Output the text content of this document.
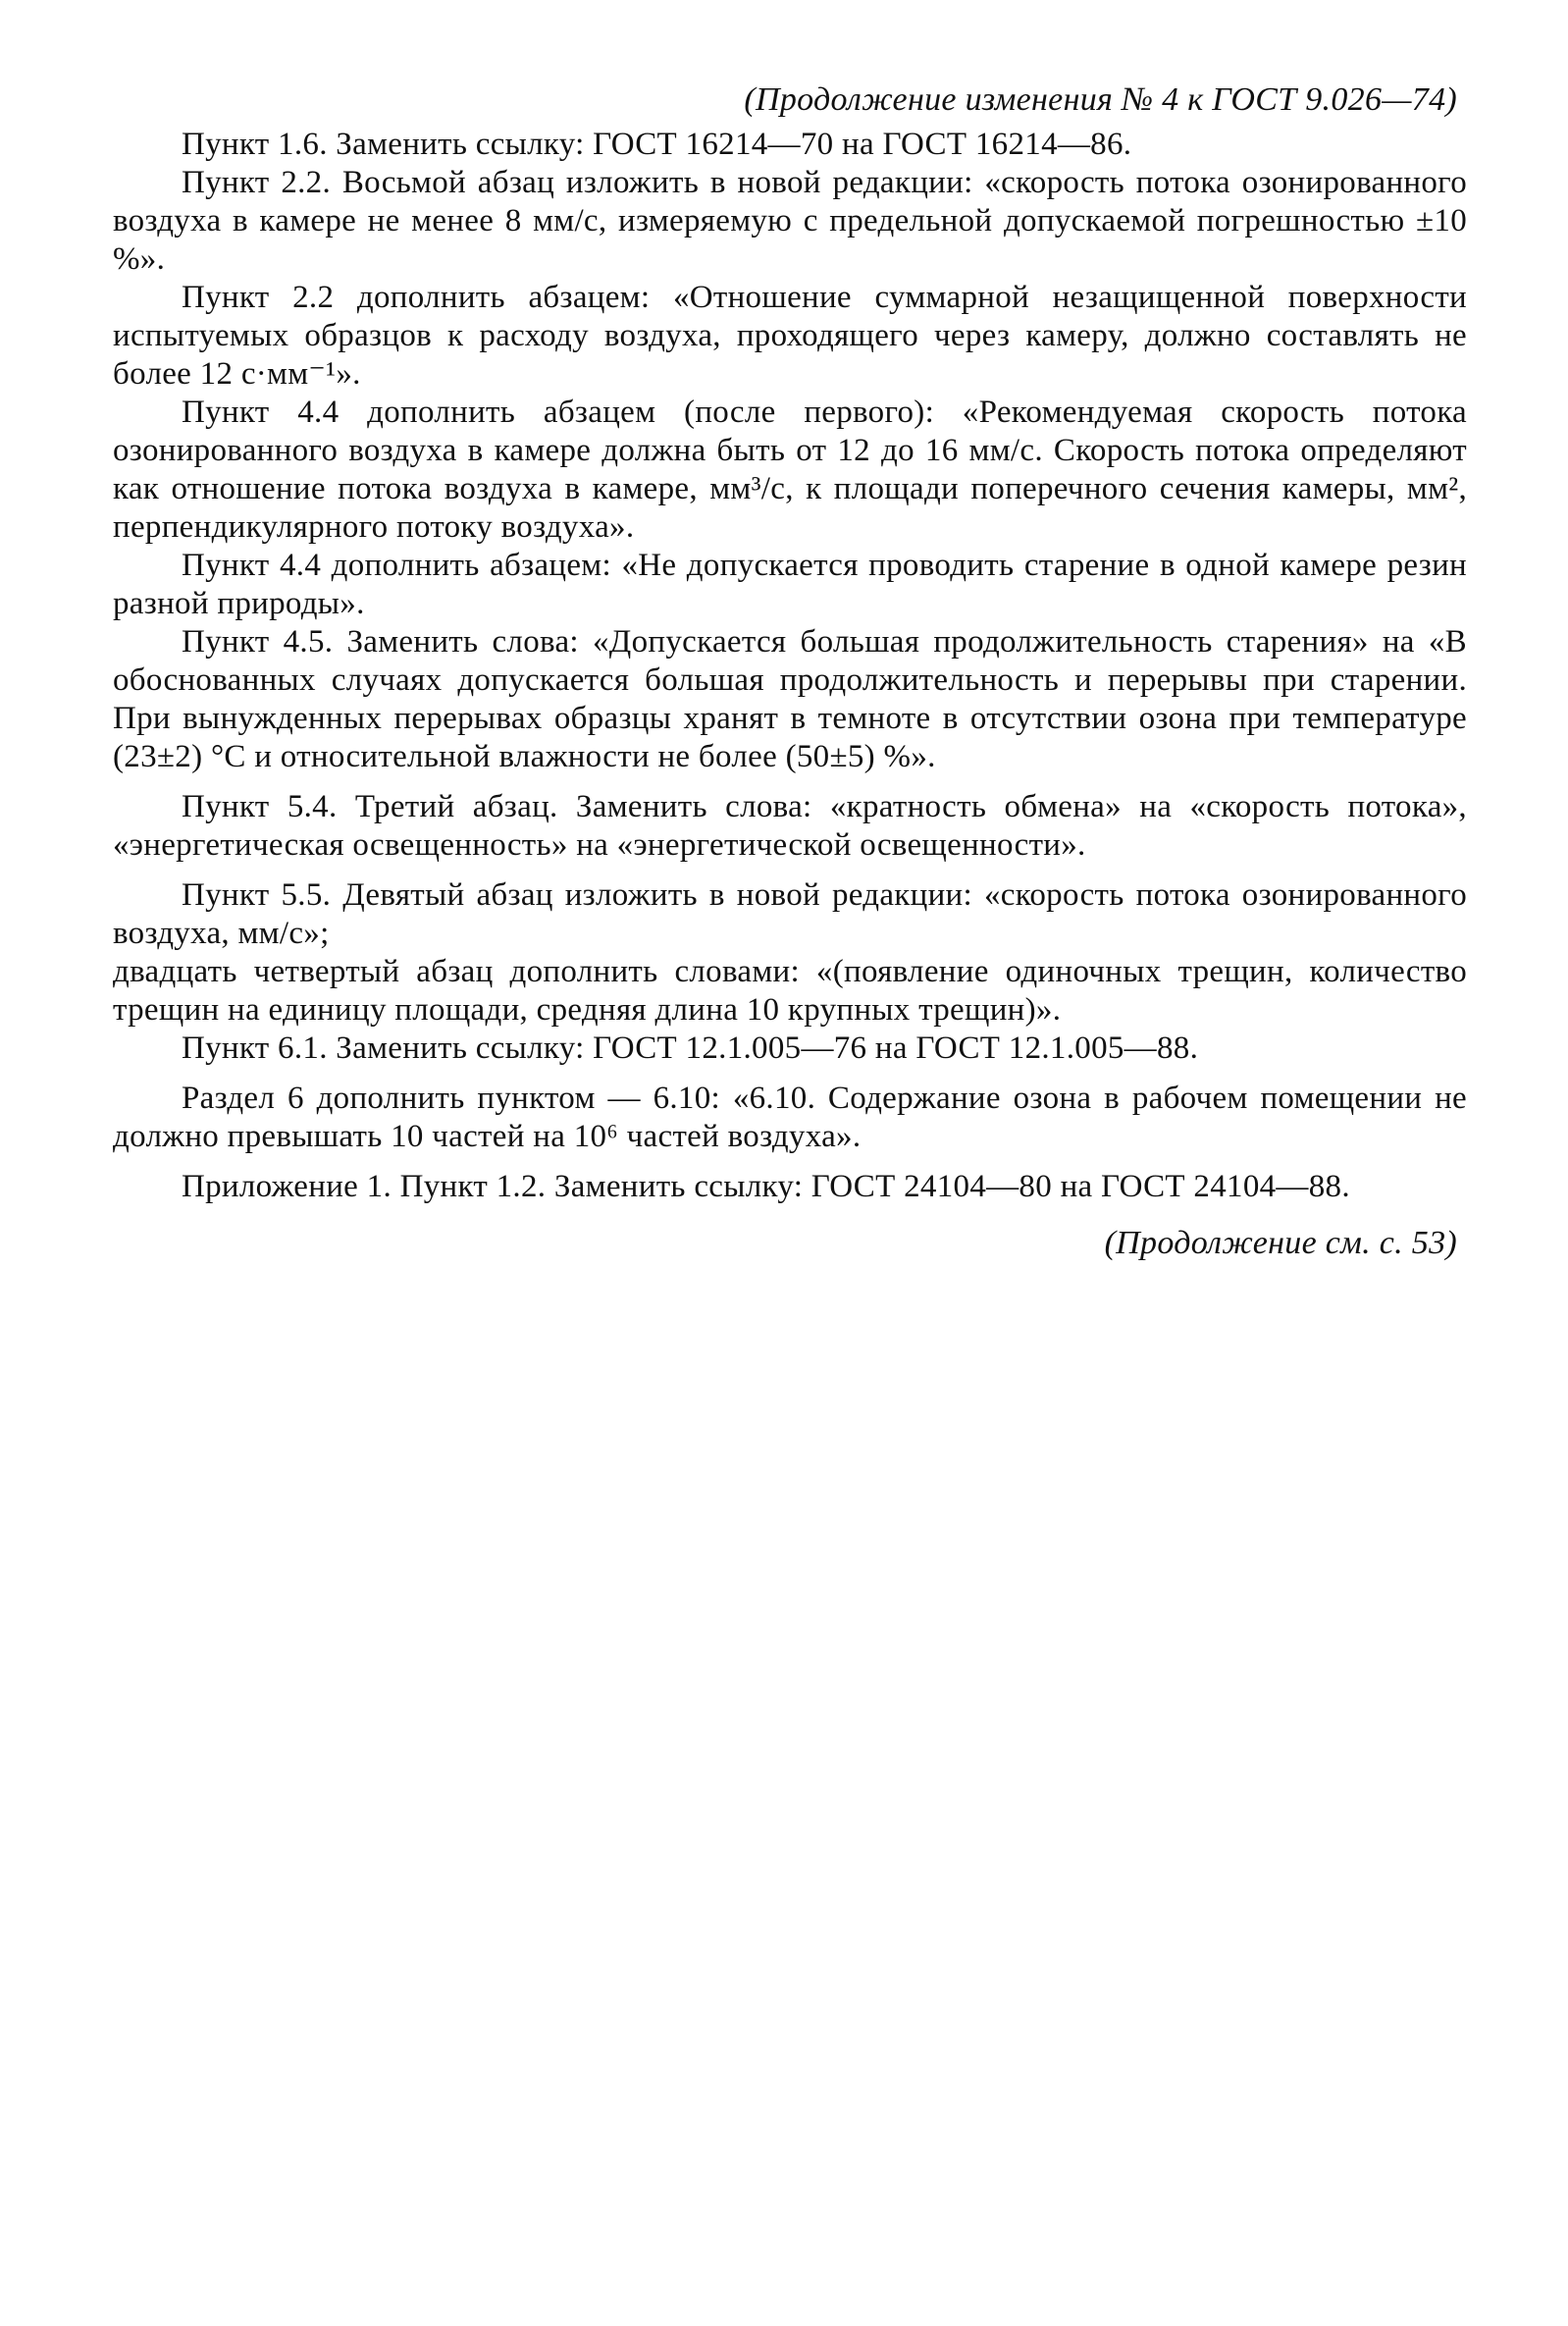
(Продолжение изменения № 4 к ГОСТ 9.026—74)

Пункт 1.6. Заменить ссылку: ГОСТ 16214—70 на ГОСТ 16214—86.

Пункт 2.2. Восьмой абзац изложить в новой редакции: «скорость потока озонированного воздуха в камере не менее 8 мм/с, измеряемую с предельной допускаемой погрешностью ±10 %».

Пункт 2.2 дополнить абзацем: «Отношение суммарной незащищенной поверхности испытуемых образцов к расходу воздуха, проходящего через камеру, должно составлять не более 12 с·мм⁻¹».

Пункт 4.4 дополнить абзацем (после первого): «Рекомендуемая скорость потока озонированного воздуха в камере должна быть от 12 до 16 мм/с. Скорость потока определяют как отношение потока воздуха в камере, мм³/с, к площади поперечного сечения камеры, мм², перпендикулярного потоку воздуха».

Пункт 4.4 дополнить абзацем: «Не допускается проводить старение в одной камере резин разной природы».

Пункт 4.5. Заменить слова: «Допускается большая продолжительность старения» на «В обоснованных случаях допускается большая продолжительность и перерывы при старении. При вынужденных перерывах образцы хранят в темноте в отсутствии озона при температуре (23±2) °С и относительной влажности не более (50±5) %».

Пункт 5.4. Третий абзац. Заменить слова: «кратность обмена» на «скорость потока», «энергетическая освещенность» на «энергетической освещенности».

Пункт 5.5. Девятый абзац изложить в новой редакции: «скорость потока озонированного воздуха, мм/с»;

двадцать четвертый абзац дополнить словами: «(появление одиночных трещин, количество трещин на единицу площади, средняя длина 10 крупных трещин)».

Пункт 6.1. Заменить ссылку: ГОСТ 12.1.005—76 на ГОСТ 12.1.005—88.

Раздел 6 дополнить пунктом — 6.10: «6.10. Содержание озона в рабочем помещении не должно превышать 10 частей на 10⁶ частей воздуха».

Приложение 1. Пункт 1.2. Заменить ссылку: ГОСТ 24104—80 на ГОСТ 24104—88.

(Продолжение см. с. 53)
